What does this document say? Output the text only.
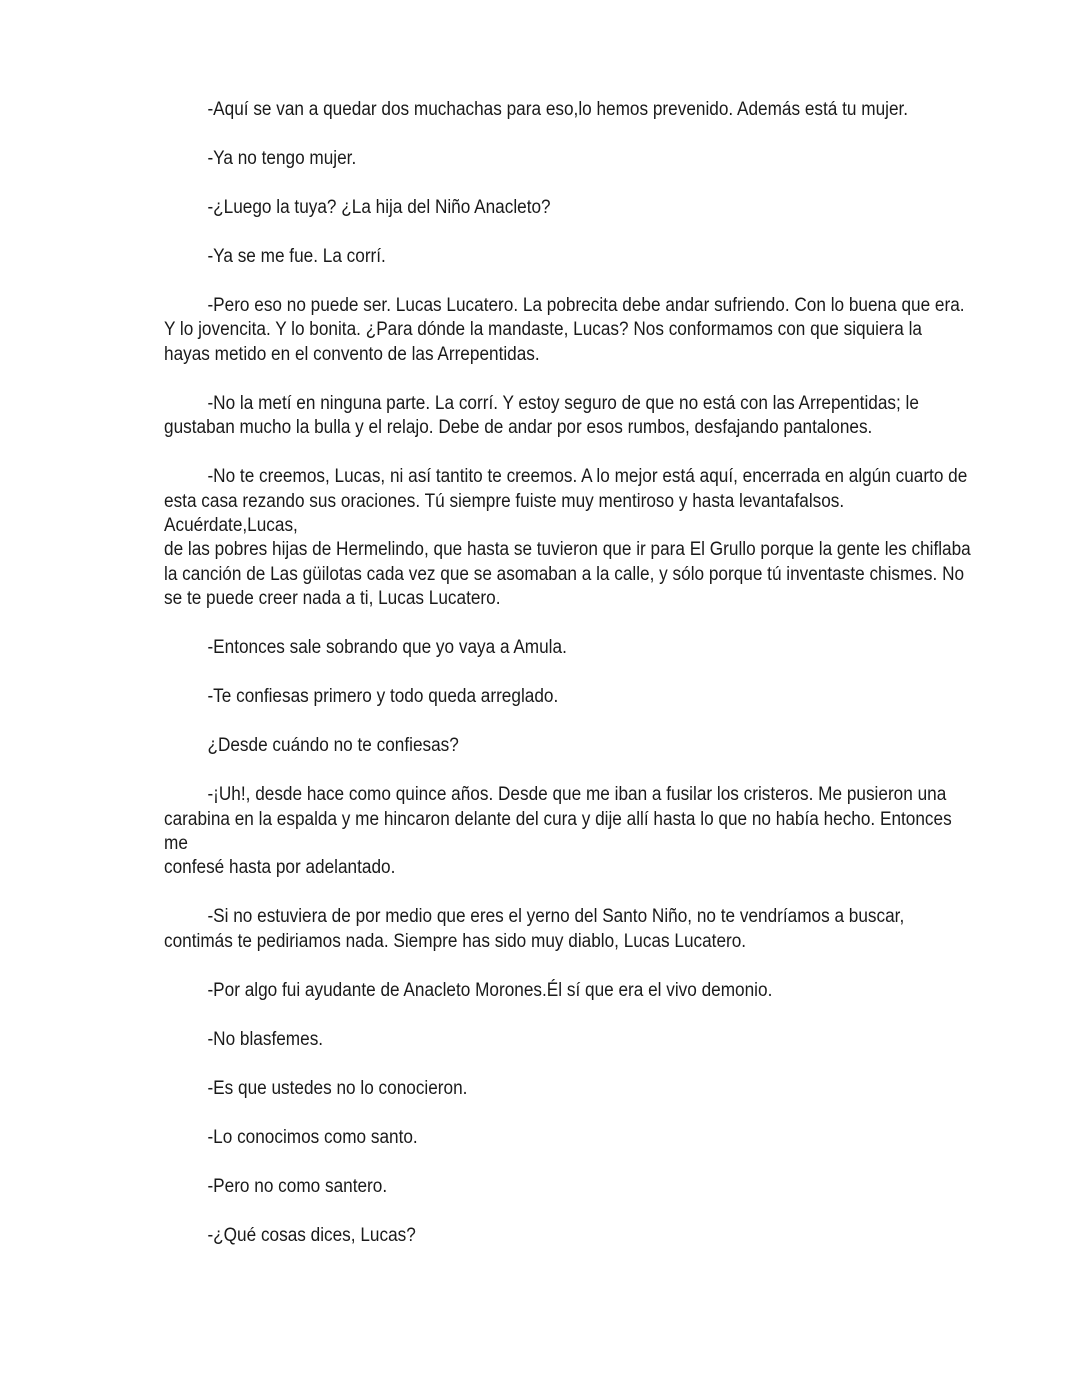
-Aquí se van a quedar dos muchachas para eso,lo hemos prevenido. Además está tu mujer.

-Ya no tengo mujer.

-¿Luego la tuya? ¿La hija del Niño Anacleto?

-Ya se me fue. La corrí.

-Pero eso no puede ser. Lucas Lucatero. La pobrecita debe andar sufriendo. Con lo buena que era.
Y lo jovencita. Y lo bonita. ¿Para dónde la mandaste, Lucas? Nos conformamos con que siquiera la
hayas metido en el convento de las Arrepentidas.

-No la metí en ninguna parte. La corrí. Y estoy seguro de que no está con las Arrepentidas; le
gustaban mucho la bulla y el relajo. Debe de andar por esos rumbos, desfajando pantalones.

-No te creemos, Lucas, ni así tantito te creemos. A lo mejor está aquí, encerrada en algún cuarto de
esta casa rezando sus oraciones. Tú siempre fuiste muy mentiroso y hasta levantafalsos.
Acuérdate,Lucas,
de las pobres hijas de Hermelindo, que hasta se tuvieron que ir para El Grullo porque la gente les chiflaba
la canción de Las güilotas cada vez que se asomaban a la calle, y sólo porque tú inventaste chismes. No
se te puede creer nada a ti, Lucas Lucatero.

-Entonces sale sobrando que yo vaya a Amula.

-Te confiesas primero y todo queda arreglado.

¿Desde cuándo no te confiesas?

-¡Uh!, desde hace como quince años. Desde que me iban a fusilar los cristeros. Me pusieron una
carabina en la espalda y me hincaron delante del cura y dije allí hasta lo que no había hecho. Entonces
me
confesé hasta por adelantado.

-Si no estuviera de por medio que eres el yerno del Santo Niño, no te vendríamos a buscar,
contimás te pediriamos nada. Siempre has sido muy diablo, Lucas Lucatero.

-Por algo fui ayudante de Anacleto Morones.Él sí que era el vivo demonio.

-No blasfemes.

-Es que ustedes no lo conocieron.

-Lo conocimos como santo.

-Pero no como santero.

-¿Qué cosas dices, Lucas?
